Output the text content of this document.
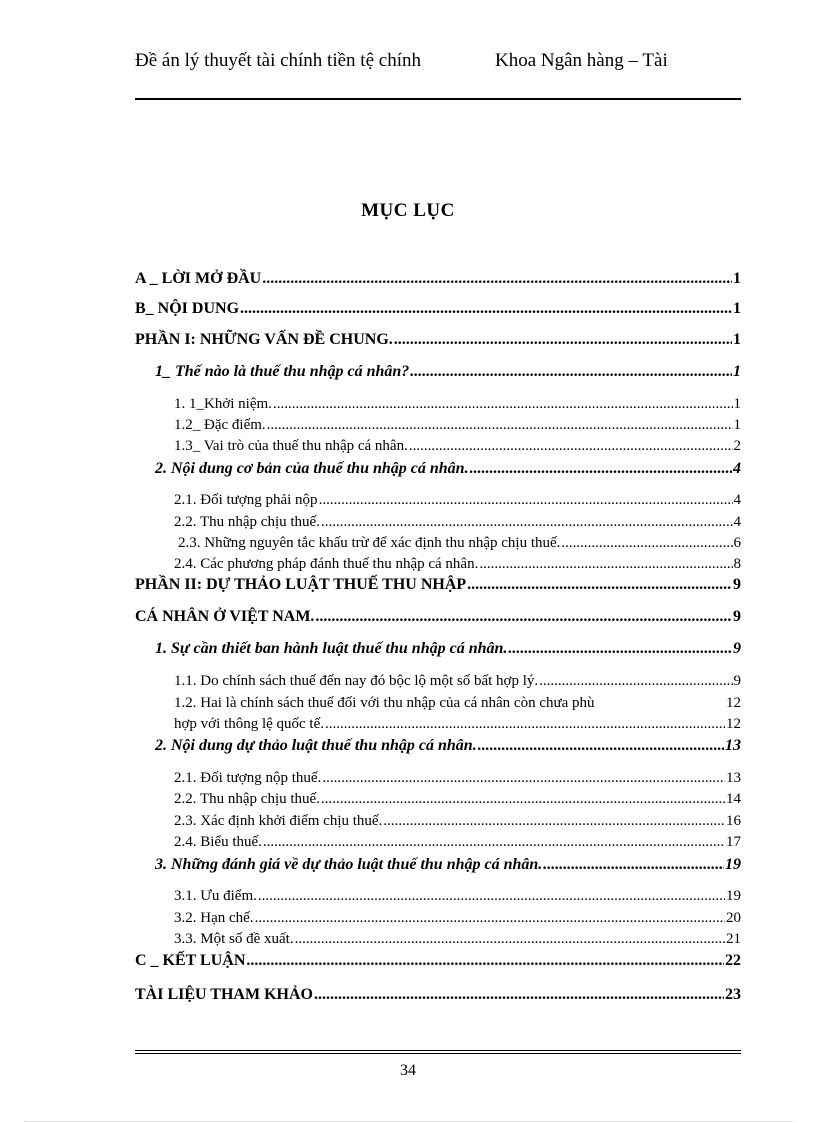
Đề án lý thuyết tài chính tiền tệ chính	Khoa Ngân hàng – Tài
MỤC LỤC
A _ LỜI MỞ ĐẦU .....	1
B_ NỘI DUNG .....	1
PHẦN I: NHỮNG VẤN ĐỀ CHUNG. .....	1
1_ Thế nào là thuế thu nhập cá nhân? .....	1
1. 1_Khởi niệm. .....	1
1.2_ Đặc điểm. .....	1
1.3_ Vai trò của thuế thu nhập cá nhân. .....	2
2. Nội dung cơ bản của thuế thu nhập cá nhân. .....	4
2.1. Đối tượng phải nộp .....	4
2.2. Thu nhập chịu thuế. .....	4
2.3. Những nguyên tắc khấu trừ để xác định thu nhập chịu thuế. .....	6
2.4. Các phương pháp đánh thuế thu nhập cá nhân. .....	8
PHẦN II: DỰ THẢO LUẬT THUẾ THU NHẬP .....	9
CÁ NHÂN Ở VIỆT NAM. .....	9
1. Sự cần thiết ban hành luật thuế thu nhập cá nhân. .....	9
1.1. Do chính sách thuế đến nay đó bộc lộ một số bất hợp lý. .....	9
1.2. Hai là chính sách thuế đối với thu nhập của cá nhân còn chưa phù	12
hợp với thông lệ quốc tế. .....	12
2. Nội dung dự thảo luật thuế thu nhập cá nhân. .....	13
2.1. Đối tượng nộp thuế. .....	13
2.2. Thu nhập chịu thuế. .....	14
2.3. Xác định khởi điểm chịu thuế. .....	16
2.4. Biểu thuế. .....	17
3. Những đánh giá về dự thảo luật thuế thu nhập cá nhân. .....	19
3.1. Ưu điểm. .....	19
3.2. Hạn chế. .....	20
3.3. Một số đề xuất. .....	21
C _ KẾT LUẬN .....	22
TÀI LIỆU THAM KHẢO .....	23
34
